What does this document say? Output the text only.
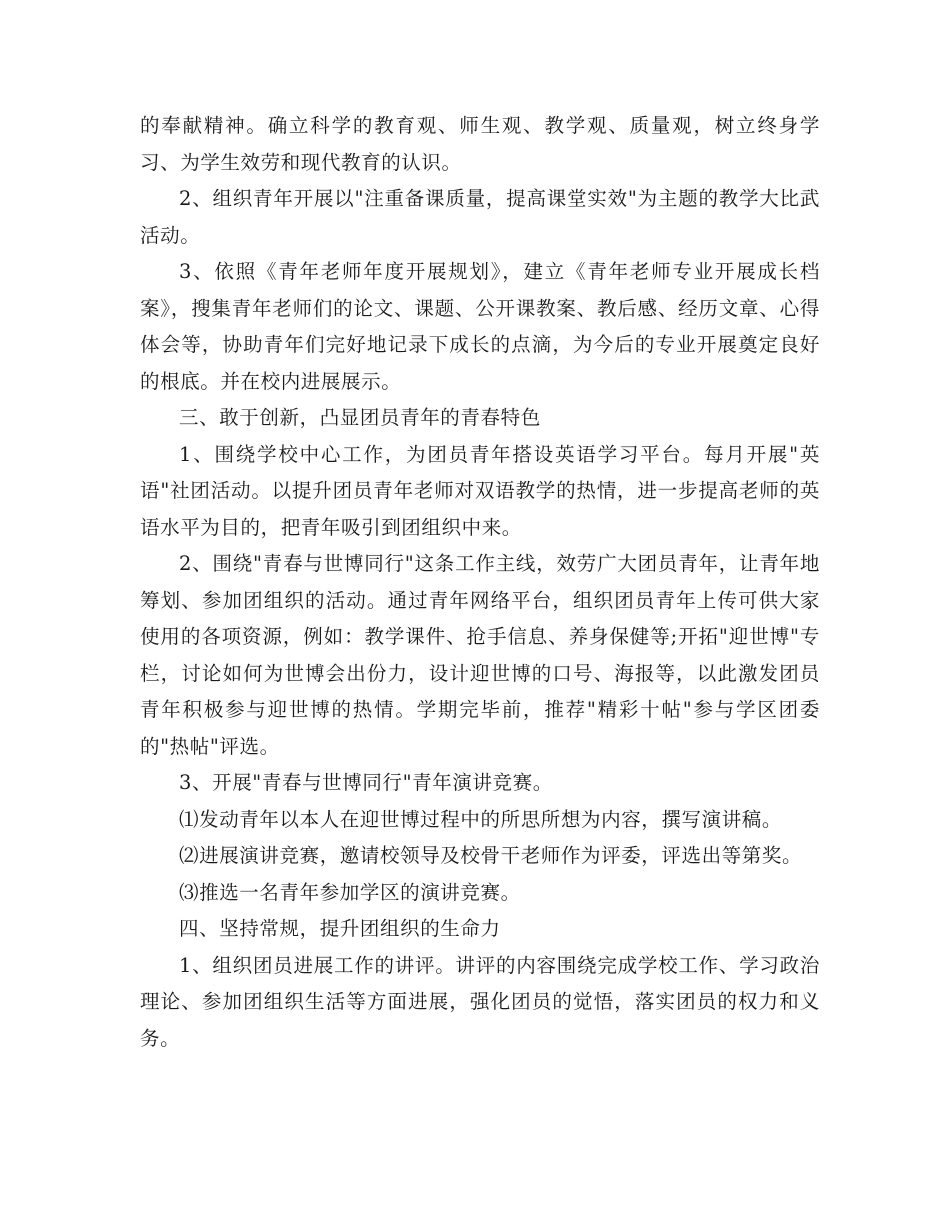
的奉献精神。确立科学的教育观、师生观、教学观、质量观，树立终身学习、为学生效劳和现代教育的认识。

2、组织青年开展以"注重备课质量，提高课堂实效"为主题的教学大比武活动。

3、依照《青年老师年度开展规划》，建立《青年老师专业开展成长档案》，搜集青年老师们的论文、课题、公开课教案、教后感、经历文章、心得体会等，协助青年们完好地记录下成长的点滴，为今后的专业开展奠定良好的根底。并在校内进展展示。

三、敢于创新，凸显团员青年的青春特色

1、围绕学校中心工作，为团员青年搭设英语学习平台。每月开展"英语"社团活动。以提升团员青年老师对双语教学的热情，进一步提高老师的英语水平为目的，把青年吸引到团组织中来。

2、围绕"青春与世博同行"这条工作主线，效劳广大团员青年，让青年地筹划、参加团组织的活动。通过青年网络平台，组织团员青年上传可供大家使用的各项资源，例如：教学课件、抢手信息、养身保健等;开拓"迎世博"专栏，讨论如何为世博会出份力，设计迎世博的口号、海报等，以此激发团员青年积极参与迎世博的热情。学期完毕前，推荐"精彩十帖"参与学区团委的"热帖"评选。

3、开展"青春与世博同行"青年演讲竞赛。

⑴发动青年以本人在迎世博过程中的所思所想为内容，撰写演讲稿。

⑵进展演讲竞赛，邀请校领导及校骨干老师作为评委，评选出等第奖。

⑶推选一名青年参加学区的演讲竞赛。

四、坚持常规，提升团组织的生命力

1、组织团员进展工作的讲评。讲评的内容围绕完成学校工作、学习政治理论、参加团组织生活等方面进展，强化团员的觉悟，落实团员的权力和义务。
